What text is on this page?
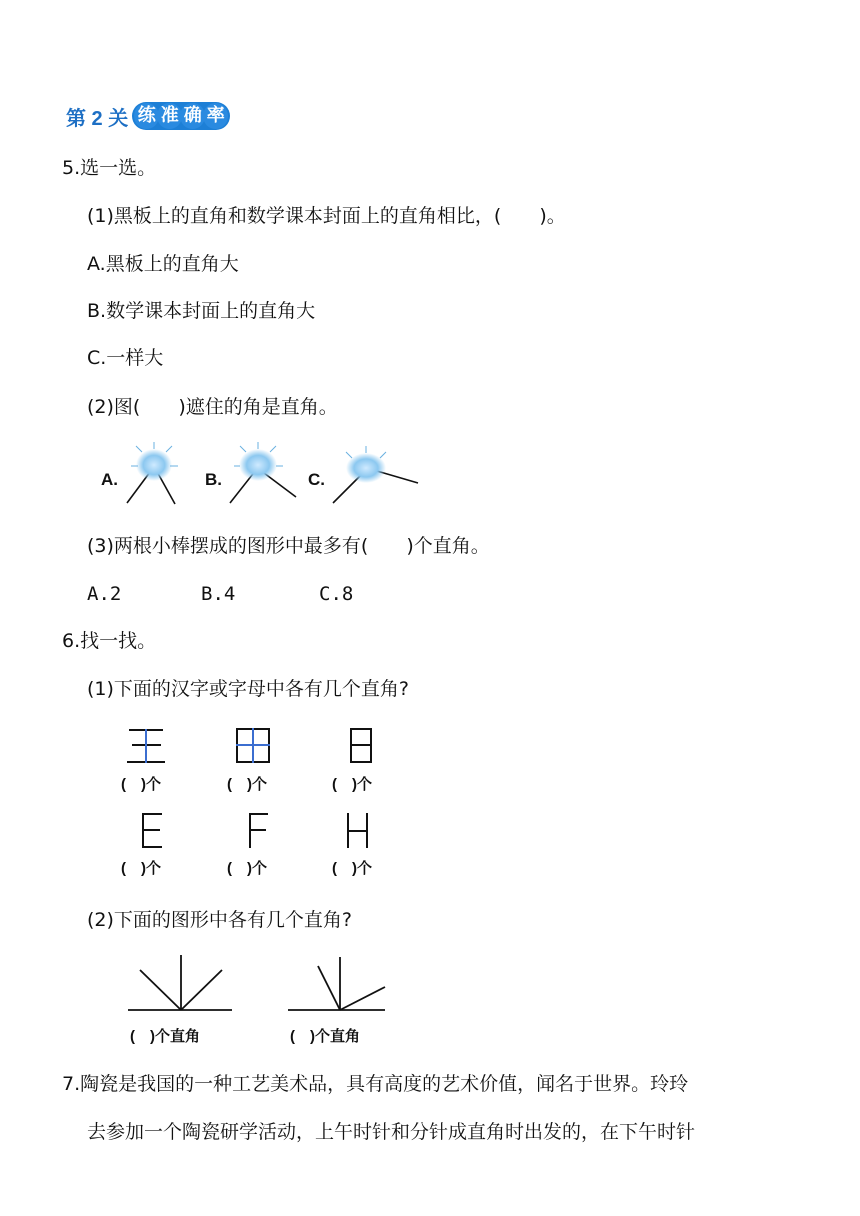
第 2 关 练 准 确 率
5.选一选。
(1)黑板上的直角和数学课本封面上的直角相比，(　　)。
A.黑板上的直角大
B.数学课本封面上的直角大
C.一样大
(2)图(　　)遮住的角是直角。
A.	B.	C.
(3)两根小棒摆成的图形中最多有(　　)个直角。
A.2	B.4	C.8
6.找一找。
(1)下面的汉字或字母中各有几个直角?
(　)个	(　)个	(　)个
(　)个	(　)个	(　)个
(2)下面的图形中各有几个直角?
(　)个直角	(　)个直角
7.陶瓷是我国的一种工艺美术品，具有高度的艺术价值，闻名于世界。玲玲
去参加一个陶瓷研学活动，上午时针和分针成直角时出发的，在下午时针
